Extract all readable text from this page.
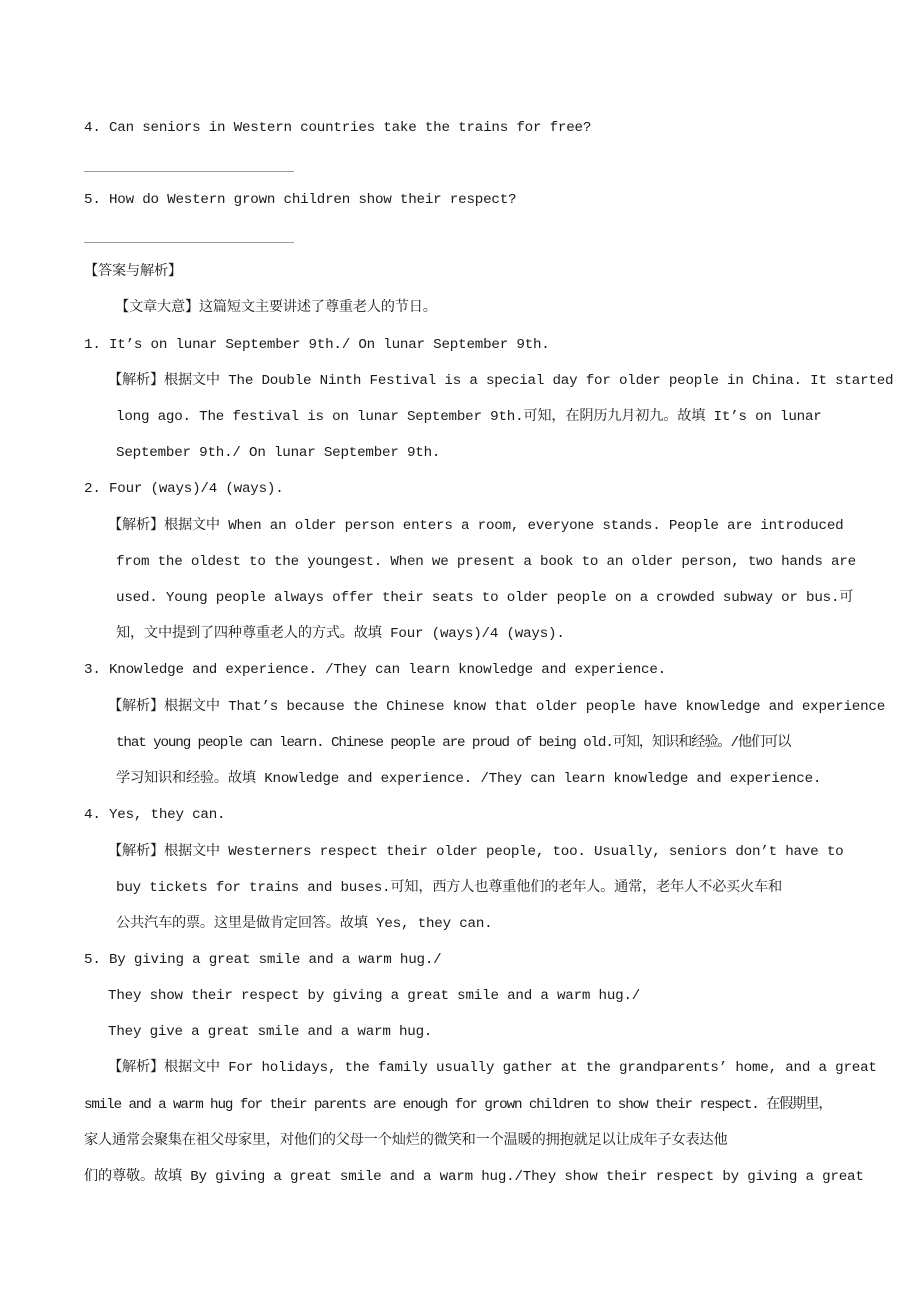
4. Can seniors in Western countries take the trains for free?
5. How do Western grown children show their respect?
【答案与解析】
【文章大意】这篇短文主要讲述了尊重老人的节日。
1. It’s on lunar September 9th./ On lunar September 9th.
【解析】根据文中 The Double Ninth Festival is a special day for older people in China. It started
long ago. The festival is on lunar September 9th.可知，在阴历九月初九。故填 It’s on lunar
September 9th./ On lunar September 9th.
2. Four (ways)/4 (ways).
【解析】根据文中 When an older person enters a room, everyone stands. People are introduced
from the oldest to the youngest. When we present a book to an older person, two hands are
used. Young people always offer their seats to older people on a crowded subway or bus.可
知，文中提到了四种尊重老人的方式。故填 Four (ways)/4 (ways).
3. Knowledge and experience. /They can learn knowledge and experience.
【解析】根据文中 That’s because the Chinese know that older people have knowledge and experience
that young people can learn. Chinese people are proud of being old.可知，知识和经验。/他们可以
学习知识和经验。故填 Knowledge and experience. /They can learn knowledge and experience.
4. Yes, they can.
【解析】根据文中 Westerners respect their older people, too. Usually, seniors don’t have to
buy tickets for trains and buses.可知，西方人也尊重他们的老年人。通常，老年人不必买火车和
公共汽车的票。这里是做肯定回答。故填 Yes, they can.
5. By giving a great smile and a warm hug./
They show their respect by giving a great smile and a warm hug./
They give a great smile and a warm hug.
【解析】根据文中 For holidays, the family usually gather at the grandparents’ home, and a great
smile and a warm hug for their parents are enough for grown children to show their respect. 在假期里，
家人通常会聚集在祖父母家里，对他们的父母一个灿烂的微笑和一个温暖的拥抱就足以让成年子女表达他
们的尊敬。故填 By giving a great smile and a warm hug./They show their respect by giving a great
